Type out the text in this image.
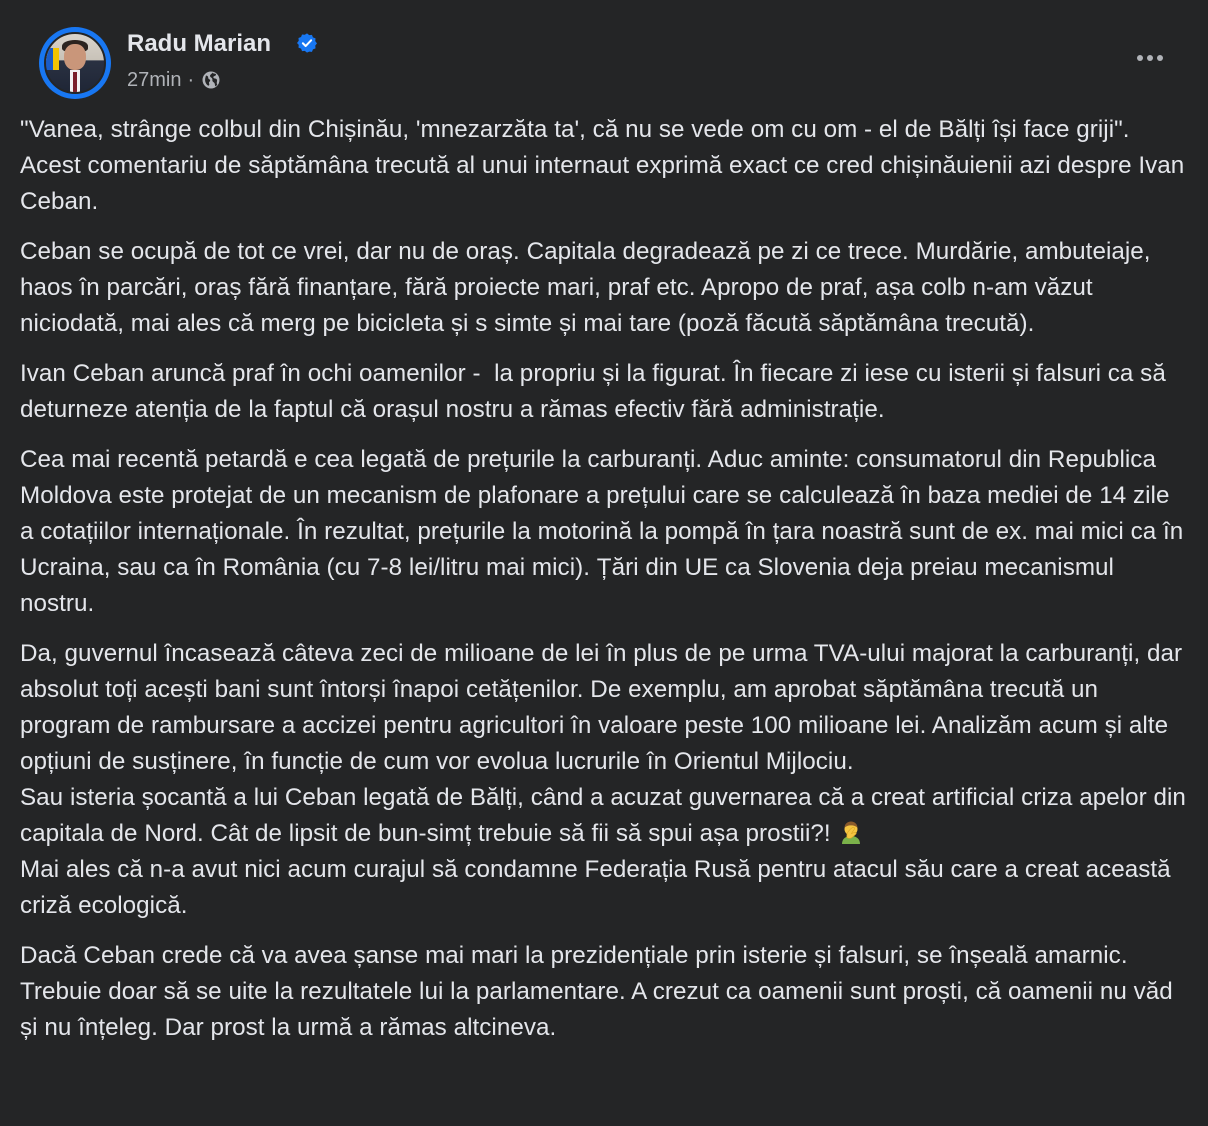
Radu Marian
27min ·

"Vanea, strânge colbul din Chișinău, 'mnezarzăta ta', că nu se vede om cu om - el de Bălți își face griji". Acest comentariu de săptămâna trecută al unui internaut exprimă exact ce cred chișinăuienii azi despre Ivan Ceban.

Ceban se ocupă de tot ce vrei, dar nu de oraș. Capitala degradează pe zi ce trece. Murdărie, ambuteiaje, haos în parcări, oraș fără finanțare, fără proiecte mari, praf etc. Apropo de praf, așa colb n-am văzut niciodată, mai ales că merg pe bicicleta și s simte și mai tare (poză făcută săptămâna trecută).

Ivan Ceban aruncă praf în ochi oamenilor -  la propriu și la figurat. În fiecare zi iese cu isterii și falsuri ca să deturneze atenția de la faptul că orașul nostru a rămas efectiv fără administrație.

Cea mai recentă petardă e cea legată de prețurile la carburanți. Aduc aminte: consumatorul din Republica Moldova este protejat de un mecanism de plafonare a prețului care se calculează în baza mediei de 14 zile a cotațiilor internaționale. În rezultat, prețurile la motorină la pompă în țara noastră sunt de ex. mai mici ca în Ucraina, sau ca în România (cu 7-8 lei/litru mai mici). Țări din UE ca Slovenia deja preiau mecanismul nostru.

Da, guvernul încasează câteva zeci de milioane de lei în plus de pe urma TVA-ului majorat la carburanți, dar absolut toți acești bani sunt întorși înapoi cetățenilor. De exemplu, am aprobat săptămâna trecută un program de rambursare a accizei pentru agricultori în valoare peste 100 milioane lei. Analizăm acum și alte opțiuni de susținere, în funcție de cum vor evolua lucrurile în Orientul Mijlociu.

Sau isteria șocantă a lui Ceban legată de Bălți, când a acuzat guvernarea că a creat artificial criza apelor din capitala de Nord. Cât de lipsit de bun-simț trebuie să fii să spui așa prostii?!

Mai ales că n-a avut nici acum curajul să condamne Federația Rusă pentru atacul său care a creat această criză ecologică.

Dacă Ceban crede că va avea șanse mai mari la prezidențiale prin isterie și falsuri, se înșeală amarnic. Trebuie doar să se uite la rezultatele lui la parlamentare. A crezut ca oamenii sunt proști, că oamenii nu văd și nu înțeleg. Dar prost la urmă a rămas altcineva.
